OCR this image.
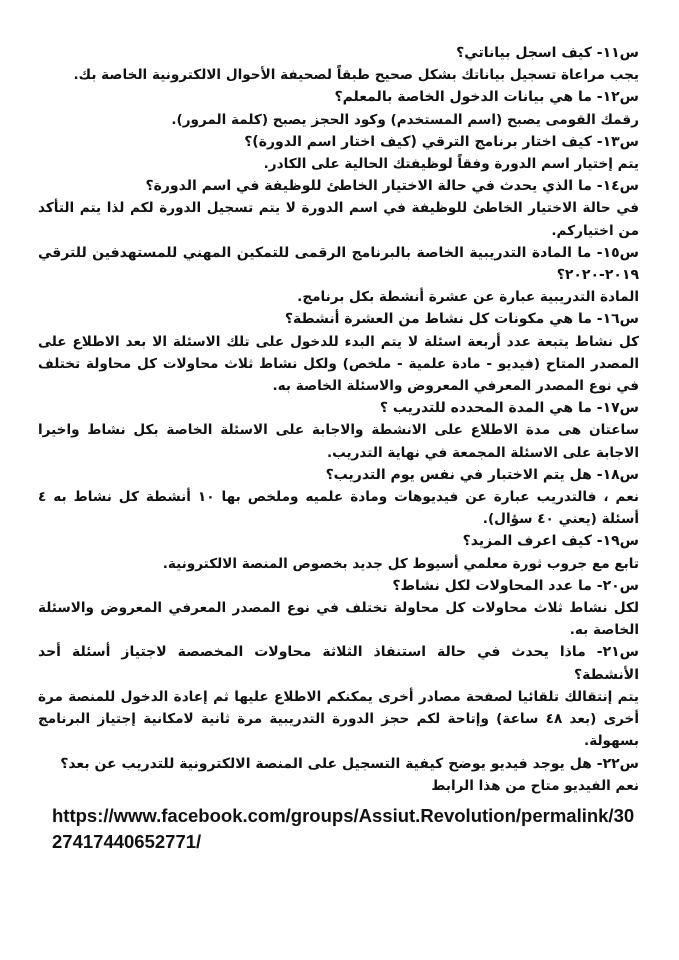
س١١- كيف اسجل بياناتي؟

يجب مراعاة تسجيل بياناتك بشكل صحيح طبقاً لصحيفة الأحوال الالكترونية الخاصة بك.

س١٢- ما هي بيانات الدخول الخاصة بالمعلم؟

رقمك القومى يصبح (اسم المستخدم) وكود الحجز يصبح (كلمة المرور).

س١٣- كيف اختار برنامج الترقي (كيف اختار اسم الدورة)؟

يتم إختيار اسم الدورة وفقاً لوظيفتك الحالية على الكادر.

س١٤- ما الذي يحدث في حالة الاختيار الخاطئ للوظيفة في اسم الدورة؟

في حالة الاختيار الخاطئ للوظيفة في اسم الدورة لا يتم تسجيل الدورة لكم لذا يتم التأكد من اختياركم.

س١٥- ما المادة التدريبية الخاصة بالبرنامج الرقمى للتمكين المهني للمستهدفين للترقي ٢٠١٩-٢٠٢٠؟

المادة التدريبية عبارة عن عشرة أنشطة بكل برنامج.

س١٦- ما هي مكونات كل نشاط من العشرة أنشطة؟

كل نشاط يتبعة عدد أربعة اسئلة لا يتم البدء للدخول على تلك الاسئلة الا بعد الاطلاع على المصدر المتاح (فيديو - مادة علمية - ملخص) ولكل نشاط ثلاث محاولات كل محاولة تختلف في نوع المصدر المعرفي المعروض والاسئلة الخاصة به.

س١٧- ما هي المدة المحدده للتدريب ؟

ساعتان هى مدة الاطلاع على الانشطة والاجابة على الاسئلة الخاصة بكل نشاط واخيرا الاجابة على الاسئلة المجمعة في نهاية التدريب.

س١٨- هل يتم الاختبار في نفس يوم التدريب؟

نعم ، فالتدريب عبارة عن فيديوهات ومادة علميه وملخص بها ١٠ أنشطة كل نشاط به ٤ أسئلة (يعني ٤٠ سؤال).

س١٩- كيف اعرف المزيد؟

تابع مع جروب ثورة معلمي أسيوط كل جديد بخصوص المنصة الالكترونية.

س٢٠- ما عدد المحاولات لكل نشاط؟

لكل نشاط ثلاث محاولات كل محاولة تختلف في نوع المصدر المعرفي المعروض والاسئلة الخاصة به.

س٢١- ماذا يحدث في حالة استنفاذ الثلاثة محاولات المخصصة لاجتياز أسئلة أحد الأنشطة؟

يتم إنتقالك تلقائيا لصفحة مصادر أخرى يمكنكم الاطلاع عليها ثم إعادة الدخول للمنصة مرة أخرى (بعد ٤٨ ساعة) وإتاحة لكم حجز الدورة التدريبية مرة ثانية لامكانية إجتياز البرنامج بسهولة.

س٢٢- هل يوجد فيديو يوضح كيفية التسجيل على المنصة الالكترونية للتدريب عن بعد؟

نعم الفيديو متاح من هذا الرابط

https://www.facebook.com/groups/Assiut.Revolution/permalink/3027417440652771/
